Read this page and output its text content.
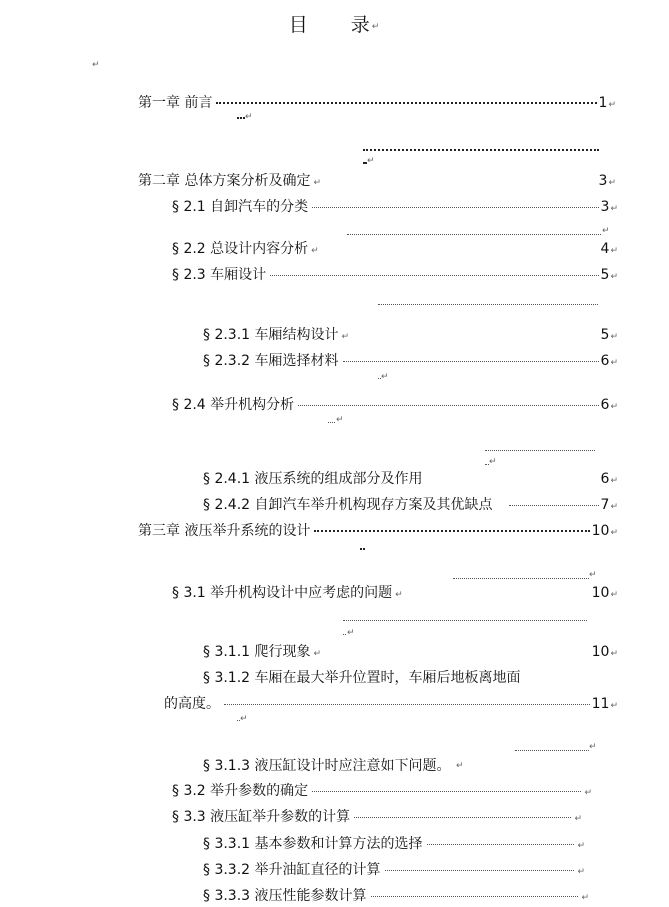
目 录↵
↵
第一章 前言	1 ↵
↵
↵
第二章 总体方案分析及确定 ↵	3 ↵
§ 2.1 自卸汽车的分类	3 ↵
↵
§ 2.2 总设计内容分析 ↵	4 ↵
§ 2.3 车厢设计	5 ↵
§ 2.3.1 车厢结构设计 ↵	5 ↵
§ 2.3.2 车厢选择材料	6 ↵
↵
§ 2.4 举升机构分析	6 ↵
↵
↵
§ 2.4.1 液压系统的组成部分及作用	6 ↵
§ 2.4.2 自卸汽车举升机构现存方案及其优缺点	7 ↵
第三章 液压举升系统的设计	10 ↵
↵
§ 3.1 举升机构设计中应考虑的问题 ↵	10 ↵
↵
§ 3.1.1 爬行现象 ↵	10 ↵
§ 3.1.2 车厢在最大举升位置时，车厢后地板离地面
的高度。	11 ↵
↵
↵
§ 3.1.3 液压缸设计时应注意如下问题。 ↵
§ 3.2 举升参数的确定	↵
§ 3.3 液压缸举升参数的计算	↵
§ 3.3.1 基本参数和计算方法的选择	↵
§ 3.3.2 举升油缸直径的计算	↵
§ 3.3.3 液压性能参数计算	↵
